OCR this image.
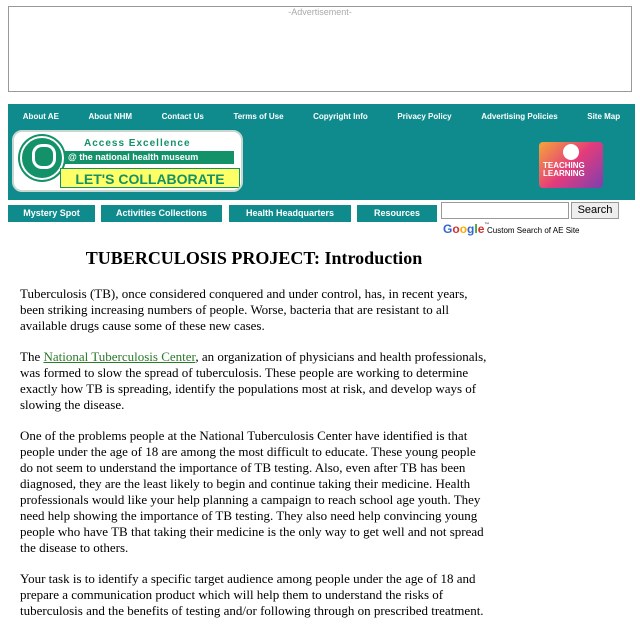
-Advertisement-
About AE	About NHM	Contact Us	Terms of Use	Copyright Info	Privacy Policy	Advertising Policies	Site Map
Access Excellence
@ the national health museum
LET'S COLLABORATE
TEACHING LEARNING
Mystery Spot	Activities Collections	Health Headquarters	Resources	Search
Google™
Custom Search of AE Site
TUBERCULOSIS PROJECT: Introduction

Tuberculosis (TB), once considered conquered and under control, has, in recent years, been striking increasing numbers of people. Worse, bacteria that are resistant to all available drugs cause some of these new cases.

The National Tuberculosis Center, an organization of physicians and health professionals, was formed to slow the spread of tuberculosis. These people are working to determine exactly how TB is spreading, identify the populations most at risk, and develop ways of slowing the disease.

One of the problems people at the National Tuberculosis Center have identified is that people under the age of 18 are among the most difficult to educate. These young people do not seem to understand the importance of TB testing. Also, even after TB has been diagnosed, they are the least likely to begin and continue taking their medicine. Health professionals would like your help planning a campaign to reach school age youth. They need help showing the importance of TB testing. They also need help convincing young people who have TB that taking their medicine is the only way to get well and not spread the disease to others.

Your task is to identify a specific target audience among people under the age of 18 and prepare a communication product which will help them to understand the risks of tuberculosis and the benefits of testing and/or following through on prescribed treatment.
